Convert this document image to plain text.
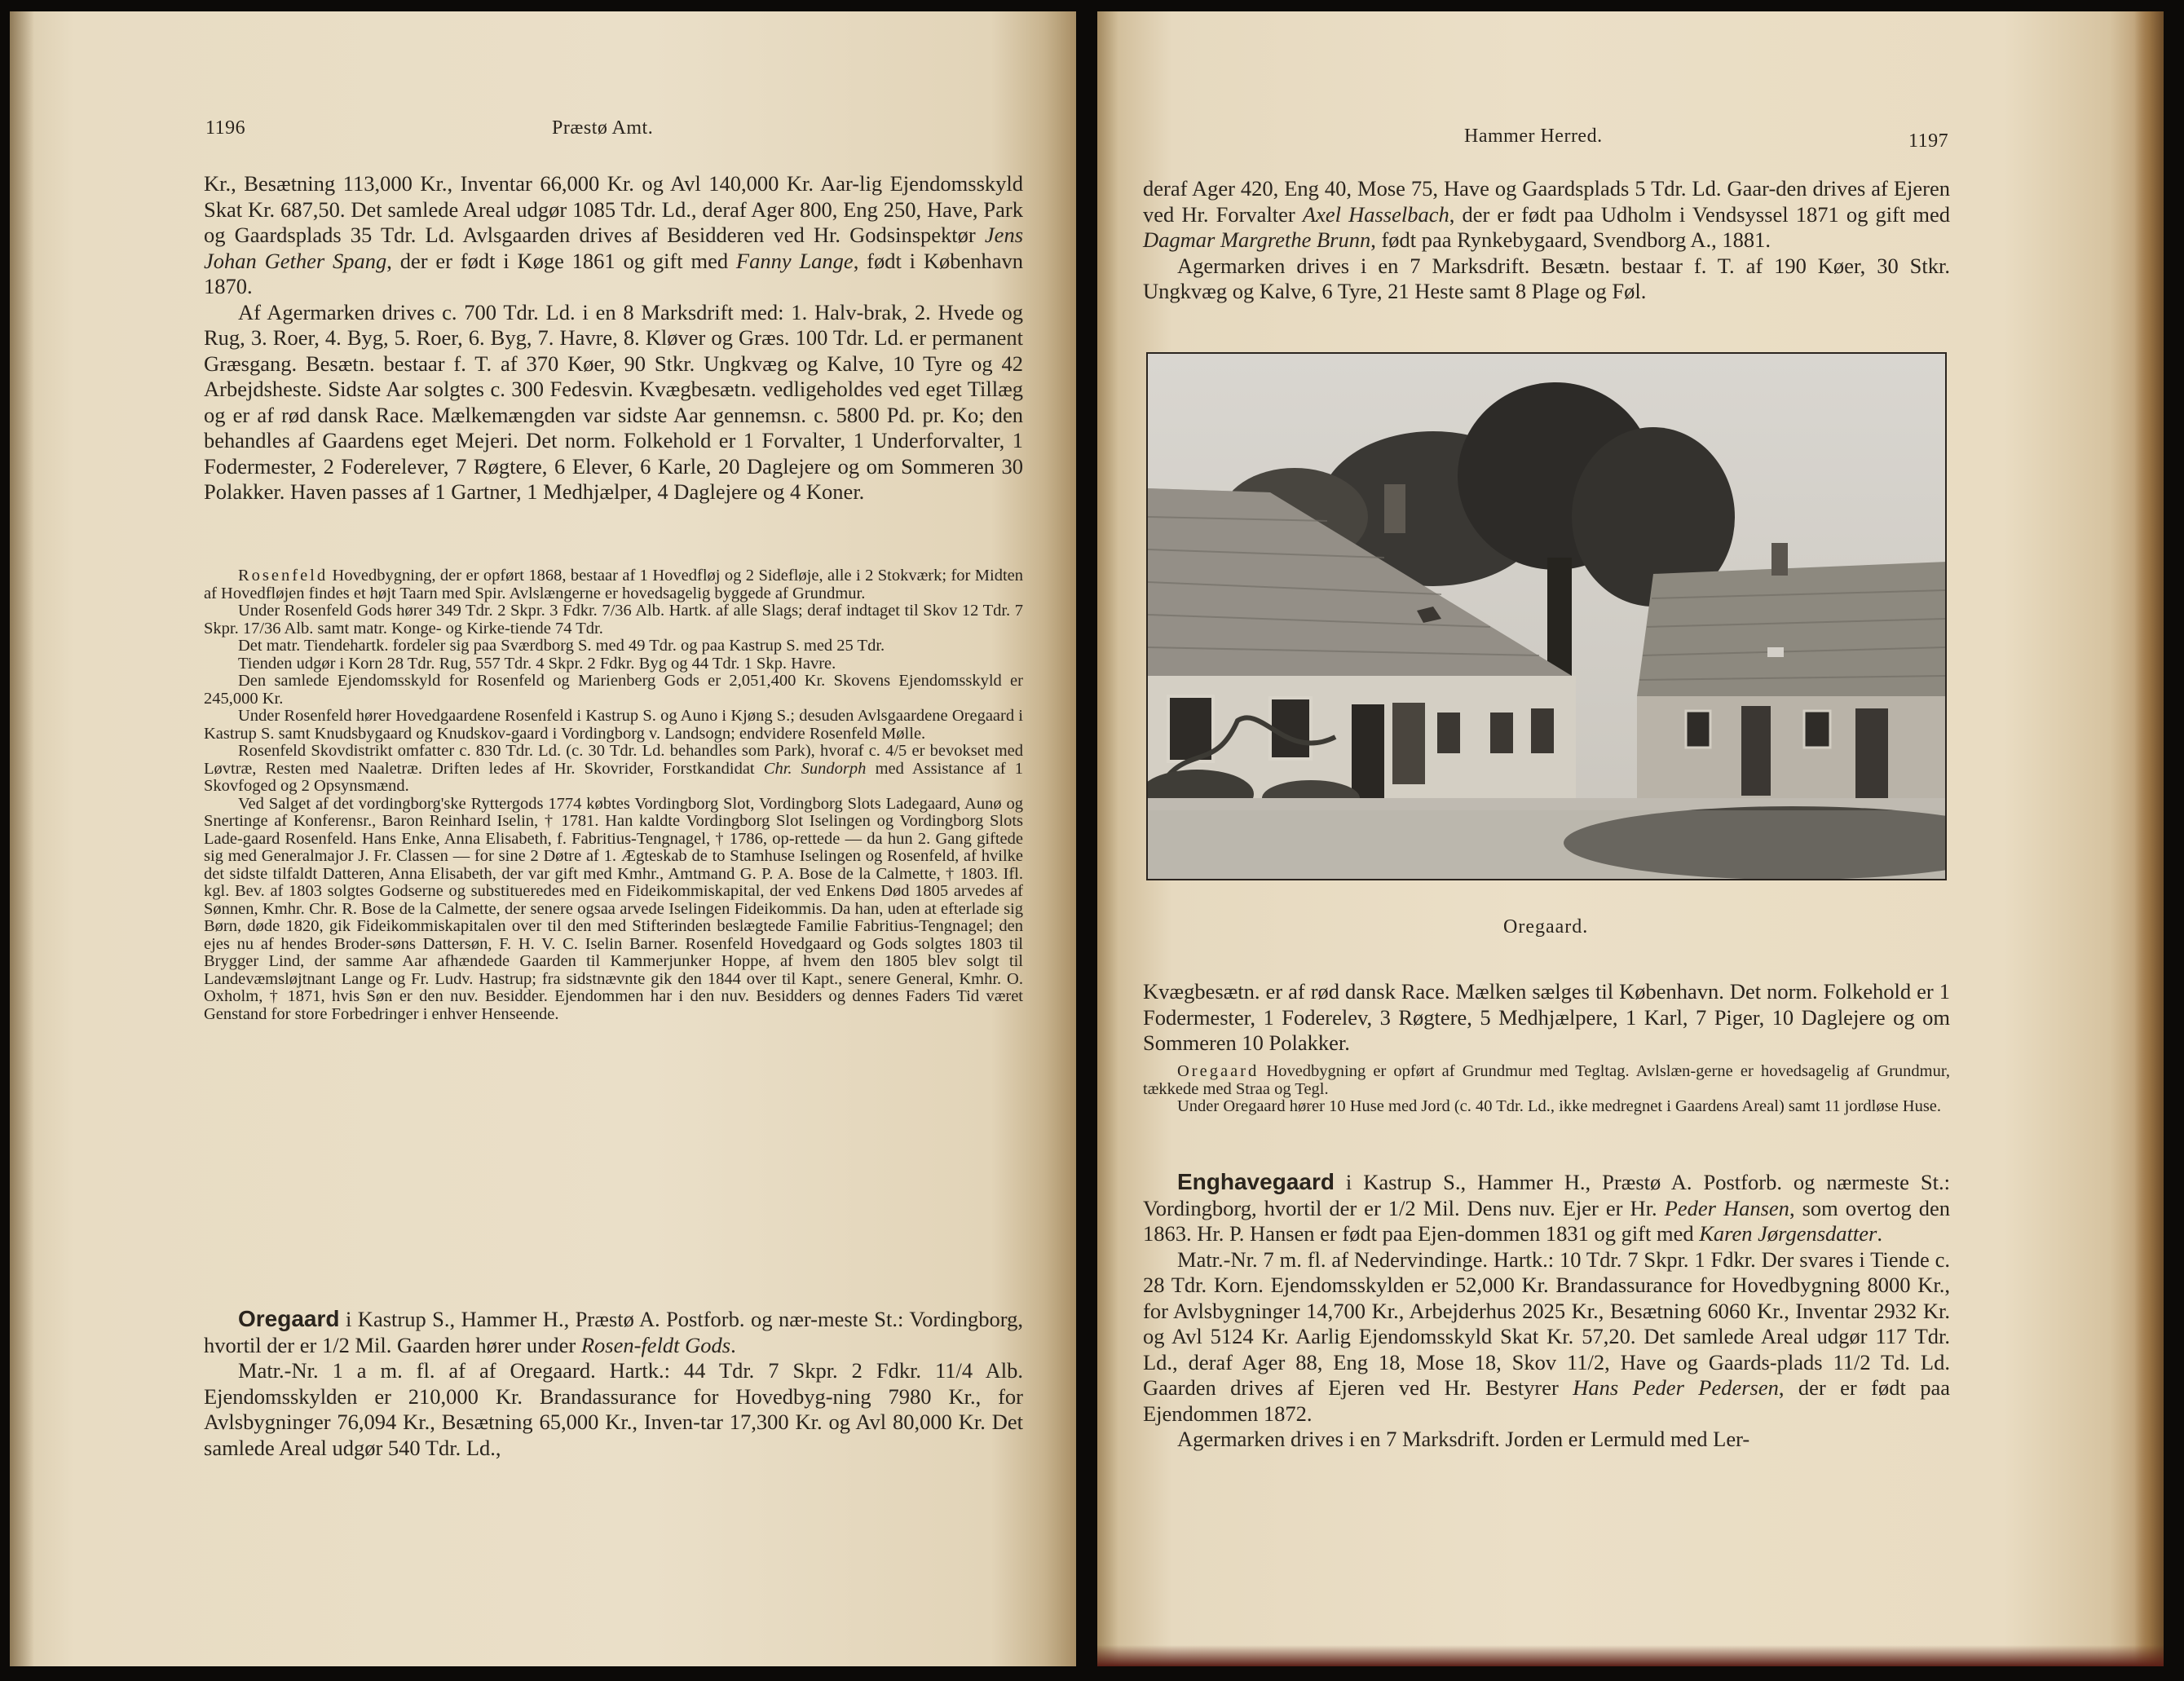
1196	Præstø Amt.

Kr., Besætning 113,000 Kr., Inventar 66,000 Kr. og Avl 140,000 Kr. Aar-lig Ejendomsskyld Skat Kr. 687,50. Det samlede Areal udgør 1085 Tdr. Ld., deraf Ager 800, Eng 250, Have, Park og Gaardsplads 35 Tdr. Ld. Avlsgaarden drives af Besidderen ved Hr. Godsinspektør Jens Johan Gether Spang, der er født i Køge 1861 og gift med Fanny Lange, født i København 1870.

Af Agermarken drives c. 700 Tdr. Ld. i en 8 Marksdrift med: 1. Halv-brak, 2. Hvede og Rug, 3. Roer, 4. Byg, 5. Roer, 6. Byg, 7. Havre, 8. Kløver og Græs. 100 Tdr. Ld. er permanent Græsgang. Besætn. bestaar f. T. af 370 Køer, 90 Stkr. Ungkvæg og Kalve, 10 Tyre og 42 Arbejdsheste. Sidste Aar solgtes c. 300 Fedesvin. Kvægbesætn. vedligeholdes ved eget Tillæg og er af rød dansk Race. Mælkemængden var sidste Aar gennemsn. c. 5800 Pd. pr. Ko; den behandles af Gaardens eget Mejeri. Det norm. Folkehold er 1 Forvalter, 1 Underforvalter, 1 Fodermester, 2 Foderelever, 7 Røgtere, 6 Elever, 6 Karle, 20 Daglejere og om Sommeren 30 Polakker. Haven passes af 1 Gartner, 1 Medhjælper, 4 Daglejere og 4 Koner.

Rosenfeld Hovedbygning, der er opført 1868, bestaar af 1 Hovedfløj og 2 Sidefløje, alle i 2 Stokværk; for Midten af Hovedfløjen findes et højt Taarn med Spir. Avlslængerne er hovedsagelig byggede af Grundmur.

Under Rosenfeld Gods hører 349 Tdr. 2 Skpr. 3 Fdkr. 7/36 Alb. Hartk. af alle Slags; deraf indtaget til Skov 12 Tdr. 7 Skpr. 17/36 Alb. samt matr. Konge- og Kirke-tiende 74 Tdr.

Det matr. Tiendehartk. fordeler sig paa Sværdborg S. med 49 Tdr. og paa Kastrup S. med 25 Tdr.

Tienden udgør i Korn 28 Tdr. Rug, 557 Tdr. 4 Skpr. 2 Fdkr. Byg og 44 Tdr. 1 Skp. Havre.

Den samlede Ejendomsskyld for Rosenfeld og Marienberg Gods er 2,051,400 Kr. Skovens Ejendomsskyld er 245,000 Kr.

Under Rosenfeld hører Hovedgaardene Rosenfeld i Kastrup S. og Auno i Kjøng S.; desuden Avlsgaardene Oregaard i Kastrup S. samt Knudsbygaard og Knudskov-gaard i Vordingborg v. Landsogn; endvidere Rosenfeld Mølle.

Rosenfeld Skovdistrikt omfatter c. 830 Tdr. Ld. (c. 30 Tdr. Ld. behandles som Park), hvoraf c. 4/5 er bevokset med Løvtræ, Resten med Naaletræ. Driften ledes af Hr. Skovrider, Forstkandidat Chr. Sundorph med Assistance af 1 Skovfoged og 2 Opsynsmænd.

Ved Salget af det vordingborg'ske Ryttergods 1774 købtes Vordingborg Slot, Vordingborg Slots Ladegaard, Aunø og Snertinge af Konferensr., Baron Reinhard Iselin, † 1781. Han kaldte Vordingborg Slot Iselingen og Vordingborg Slots Lade-gaard Rosenfeld. Hans Enke, Anna Elisabeth, f. Fabritius-Tengnagel, † 1786, op-rettede — da hun 2. Gang giftede sig med Generalmajor J. Fr. Classen — for sine 2 Døtre af 1. Ægteskab de to Stamhuse Iselingen og Rosenfeld, af hvilke det sidste tilfaldt Datteren, Anna Elisabeth, der var gift med Kmhr., Amtmand G. P. A. Bose de la Calmette, † 1803. Ifl. kgl. Bev. af 1803 solgtes Godserne og substitueredes med en Fideikommiskapital, der ved Enkens Død 1805 arvedes af Sønnen, Kmhr. Chr. R. Bose de la Calmette, der senere ogsaa arvede Iselingen Fideikommis. Da han, uden at efterlade sig Børn, døde 1820, gik Fideikommiskapitalen over til den med Stifterinden beslægtede Familie Fabritius-Tengnagel; den ejes nu af hendes Broder-søns Dattersøn, F. H. V. C. Iselin Barner. Rosenfeld Hovedgaard og Gods solgtes 1803 til Brygger Lind, der samme Aar afhændede Gaarden til Kammerjunker Hoppe, af hvem den 1805 blev solgt til Landevæmsløjtnant Lange og Fr. Ludv. Hastrup; fra sidstnævnte gik den 1844 over til Kapt., senere General, Kmhr. O. Oxholm, † 1871, hvis Søn er den nuv. Besidder. Ejendommen har i den nuv. Besidders og dennes Faders Tid været Genstand for store Forbedringer i enhver Henseende.

Oregaard i Kastrup S., Hammer H., Præstø A. Postforb. og nær-meste St.: Vordingborg, hvortil der er 1/2 Mil. Gaarden hører under Rosen-feldt Gods.

Matr.-Nr. 1 a m. fl. af af Oregaard. Hartk.: 44 Tdr. 7 Skpr. 2 Fdkr. 11/4 Alb. Ejendomsskylden er 210,000 Kr. Brandassurance for Hovedbyg-ning 7980 Kr., for Avlsbygninger 76,094 Kr., Besætning 65,000 Kr., Inven-tar 17,300 Kr. og Avl 80,000 Kr. Det samlede Areal udgør 540 Tdr. Ld.,

Hammer Herred.	1197

deraf Ager 420, Eng 40, Mose 75, Have og Gaardsplads 5 Tdr. Ld. Gaar-den drives af Ejeren ved Hr. Forvalter Axel Hasselbach, der er født paa Udholm i Vendsyssel 1871 og gift med Dagmar Margrethe Brunn, født paa Rynkebygaard, Svendborg A., 1881.

Agermarken drives i en 7 Marksdrift. Besætn. bestaar f. T. af 190 Køer, 30 Stkr. Ungkvæg og Kalve, 6 Tyre, 21 Heste samt 8 Plage og Føl.

Oregaard.

Kvægbesætn. er af rød dansk Race. Mælken sælges til København. Det norm. Folkehold er 1 Fodermester, 1 Foderelev, 3 Røgtere, 5 Medhjælpere, 1 Karl, 7 Piger, 10 Daglejere og om Sommeren 10 Polakker.

Oregaard Hovedbygning er opført af Grundmur med Tegltag. Avlslæn-gerne er hovedsagelig af Grundmur, tækkede med Straa og Tegl.

Under Oregaard hører 10 Huse med Jord (c. 40 Tdr. Ld., ikke medregnet i Gaardens Areal) samt 11 jordløse Huse.

Enghavegaard i Kastrup S., Hammer H., Præstø A. Postforb. og nærmeste St.: Vordingborg, hvortil der er 1/2 Mil. Dens nuv. Ejer er Hr. Peder Hansen, som overtog den 1863. Hr. P. Hansen er født paa Ejen-dommen 1831 og gift med Karen Jørgensdatter.

Matr.-Nr. 7 m. fl. af Nedervindinge. Hartk.: 10 Tdr. 7 Skpr. 1 Fdkr. Der svares i Tiende c. 28 Tdr. Korn. Ejendomsskylden er 52,000 Kr. Brandassurance for Hovedbygning 8000 Kr., for Avlsbygninger 14,700 Kr., Arbejderhus 2025 Kr., Besætning 6060 Kr., Inventar 2932 Kr. og Avl 5124 Kr. Aarlig Ejendomsskyld Skat Kr. 57,20. Det samlede Areal udgør 117 Tdr. Ld., deraf Ager 88, Eng 18, Mose 18, Skov 11/2, Have og Gaards-plads 11/2 Td. Ld. Gaarden drives af Ejeren ved Hr. Bestyrer Hans Peder Pedersen, der er født paa Ejendommen 1872.

Agermarken drives i en 7 Marksdrift. Jorden er Lermuld med Ler-
